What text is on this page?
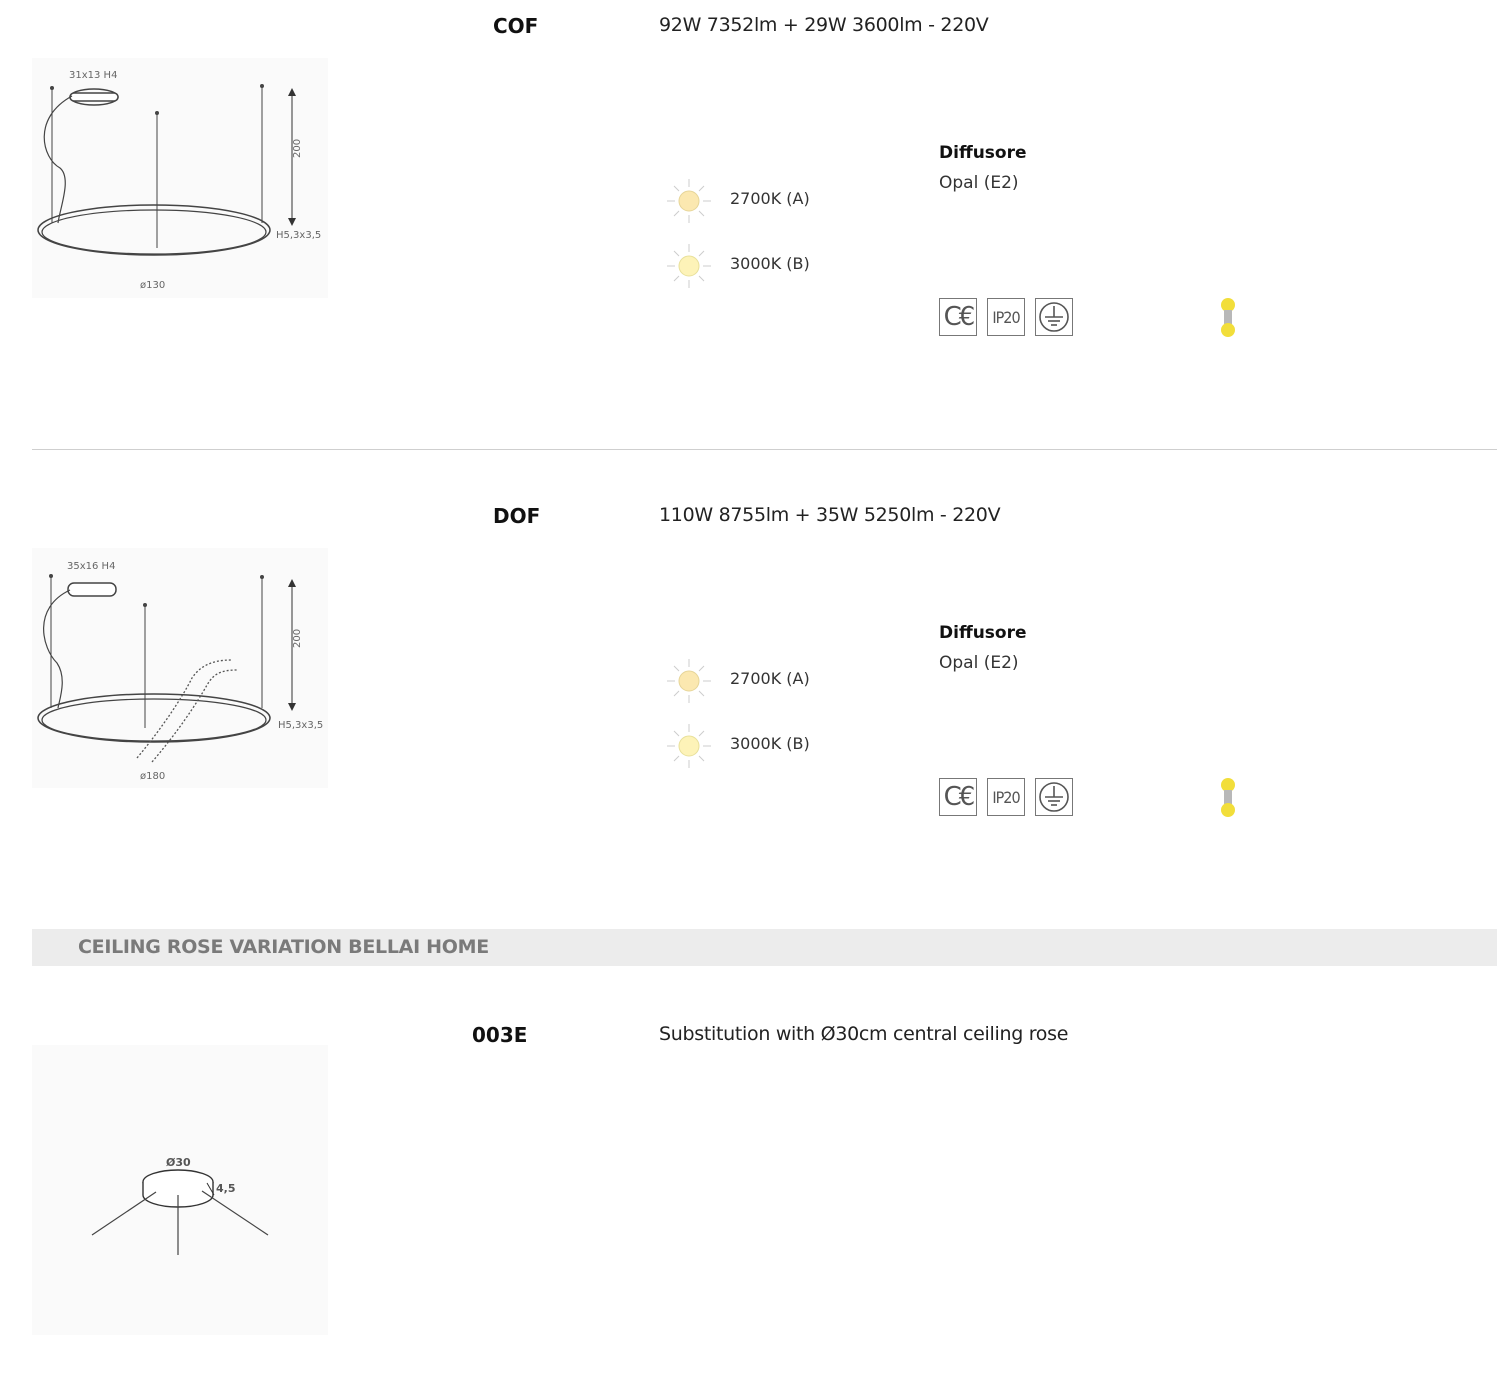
31x13 H4
200
H5,3x3,5
ø130
COF	92W 7352lm + 29W 3600lm - 220V
2700K (A)
3000K (B)
Diffusore
Opal (E2)
C€ IP20
35x16 H4
200
H5,3x3,5
ø180
DOF	110W 8755lm + 35W 5250lm - 220V
2700K (A)
3000K (B)
Diffusore
Opal (E2)
C€ IP20
CEILING ROSE VARIATION BELLAI HOME
003E	Substitution with Ø30cm central ceiling rose
Ø30
4,5
